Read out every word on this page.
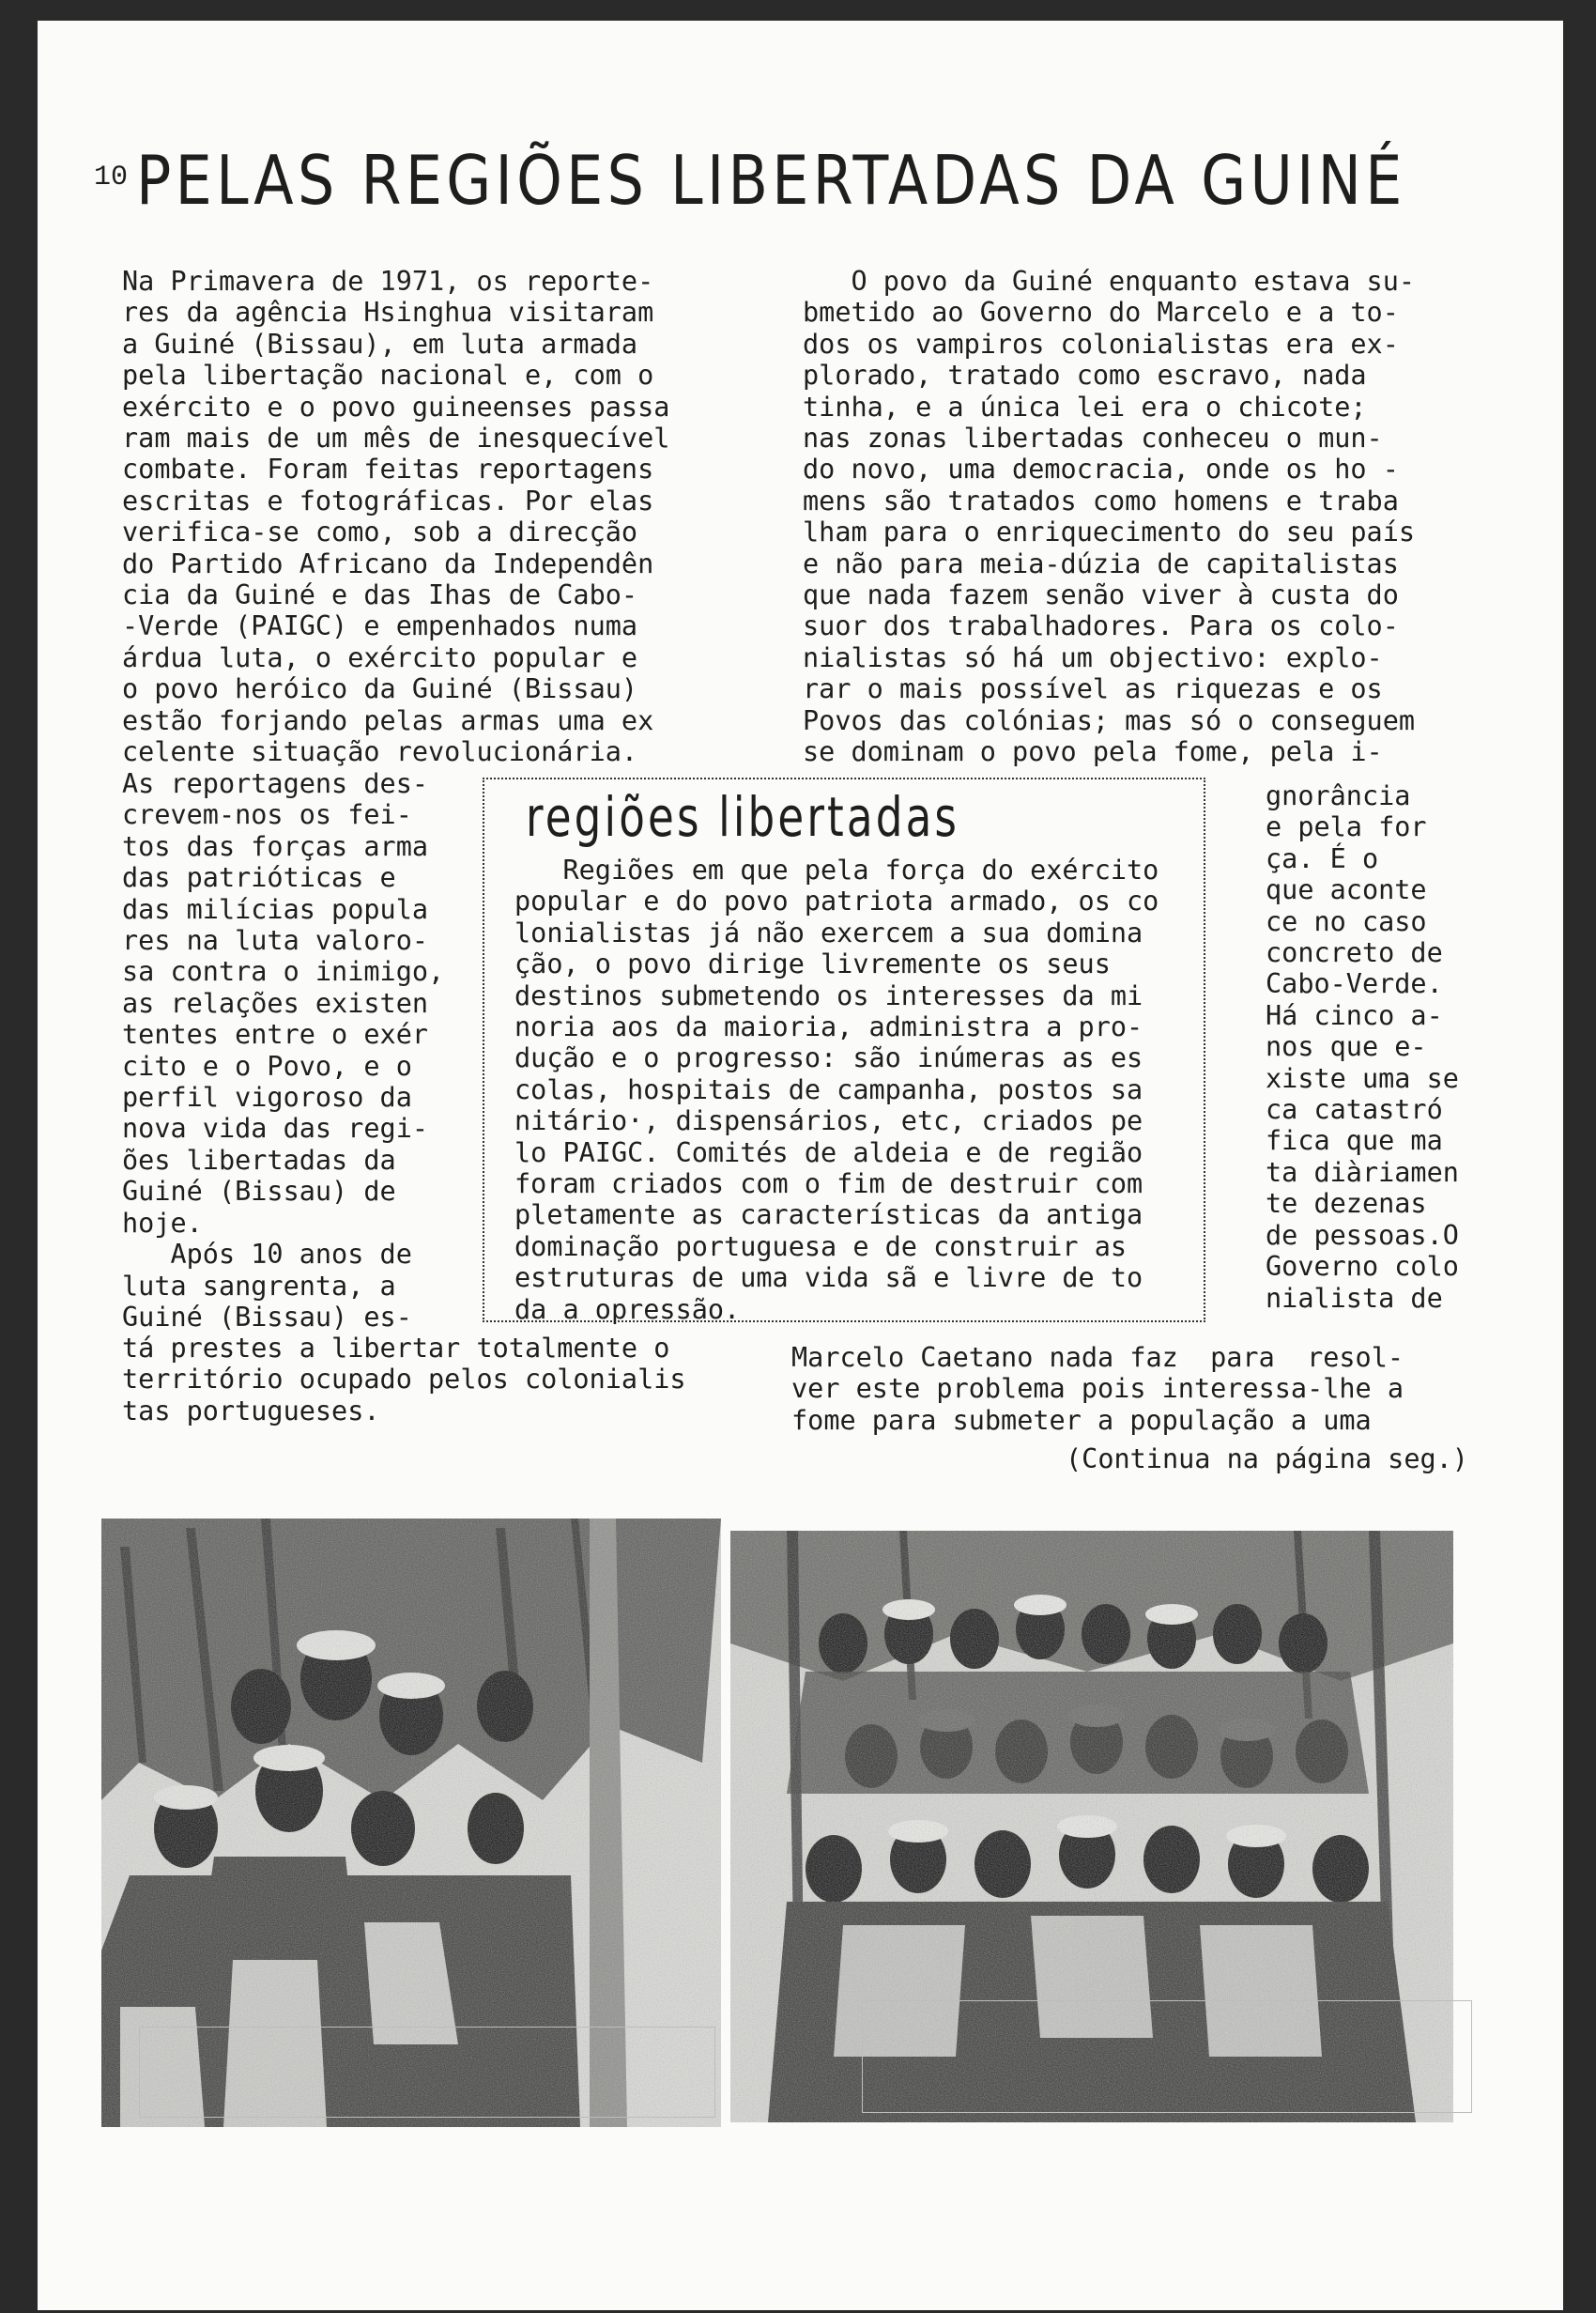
10 PELAS REGIÕES LIBERTADAS DA GUINÉ
Na Primavera de 1971, os reporte-
res da agência Hsinghua visitaram
a Guiné (Bissau), em luta armada
pela libertação nacional e, com o
exército e o povo guineenses passa
ram mais de um mês de inesquecível
combate. Foram feitas reportagens
escritas e fotográficas. Por elas
verifica-se como, sob a direcção
do Partido Africano da Independên
cia da Guiné e das Ihas de Cabo-
-Verde (PAIGC) e empenhados numa
árdua luta, o exército popular e
o povo heróico da Guiné (Bissau)
estão forjando pelas armas uma ex
celente situação revolucionária.
As reportagens des-
crevem-nos os fei-
tos das forças arma
das patrióticas e
das milícias popula
res na luta valoro-
sa contra o inimigo,
as relações existen
tentes entre o exér
cito e o Povo, e o
perfil vigoroso da
nova vida das regi-
ões libertadas da
Guiné (Bissau) de
hoje.
Após 10 anos de
luta sangrenta, a
Guiné (Bissau) es-
tá prestes a libertar totalmente o
território ocupado pelos colonialis
tas portugueses.
O povo da Guiné enquanto estava su-
bmetido ao Governo do Marcelo e a to-
dos os vampiros colonialistas era ex-
plorado, tratado como escravo, nada
tinha, e a única lei era o chicote;
nas zonas libertadas conheceu o mun-
do novo, uma democracia, onde os ho -
mens são tratados como homens e traba
lham para o enriquecimento do seu país
e não para meia-dúzia de capitalistas
que nada fazem senão viver à custa do
suor dos trabalhadores. Para os colo-
nialistas só há um objectivo: explo-
rar o mais possível as riquezas e os
Povos das colónias; mas só o conseguem
se dominam o povo pela fome, pela i-
gnorância
e pela for
ça. É o
que aconte
ce no caso
concreto de
Cabo-Verde.
Há cinco a-
nos que e-
xiste uma se
ca catastró
fica que ma
ta diàriamen
te dezenas
de pessoas.O
Governo colo
nialista de
Marcelo Caetano nada faz  para  resol-
ver este problema pois interessa-lhe a
fome para submeter a população a uma
(Continua na página seg.)
regiões libertadas
Regiões em que pela força do exército
popular e do povo patriota armado, os co
lonialistas já não exercem a sua domina
ção, o povo dirige livremente os seus
destinos submetendo os interesses da mi
noria aos da maioria, administra a pro-
dução e o progresso: são inúmeras as es
colas, hospitais de campanha, postos sa
nitário·, dispensários, etc, criados pe
lo PAIGC. Comités de aldeia e de região
foram criados com o fim de destruir com
pletamente as características da antiga
dominação portuguesa e de construir as
estruturas de uma vida sã e livre de to
da a opressão.
